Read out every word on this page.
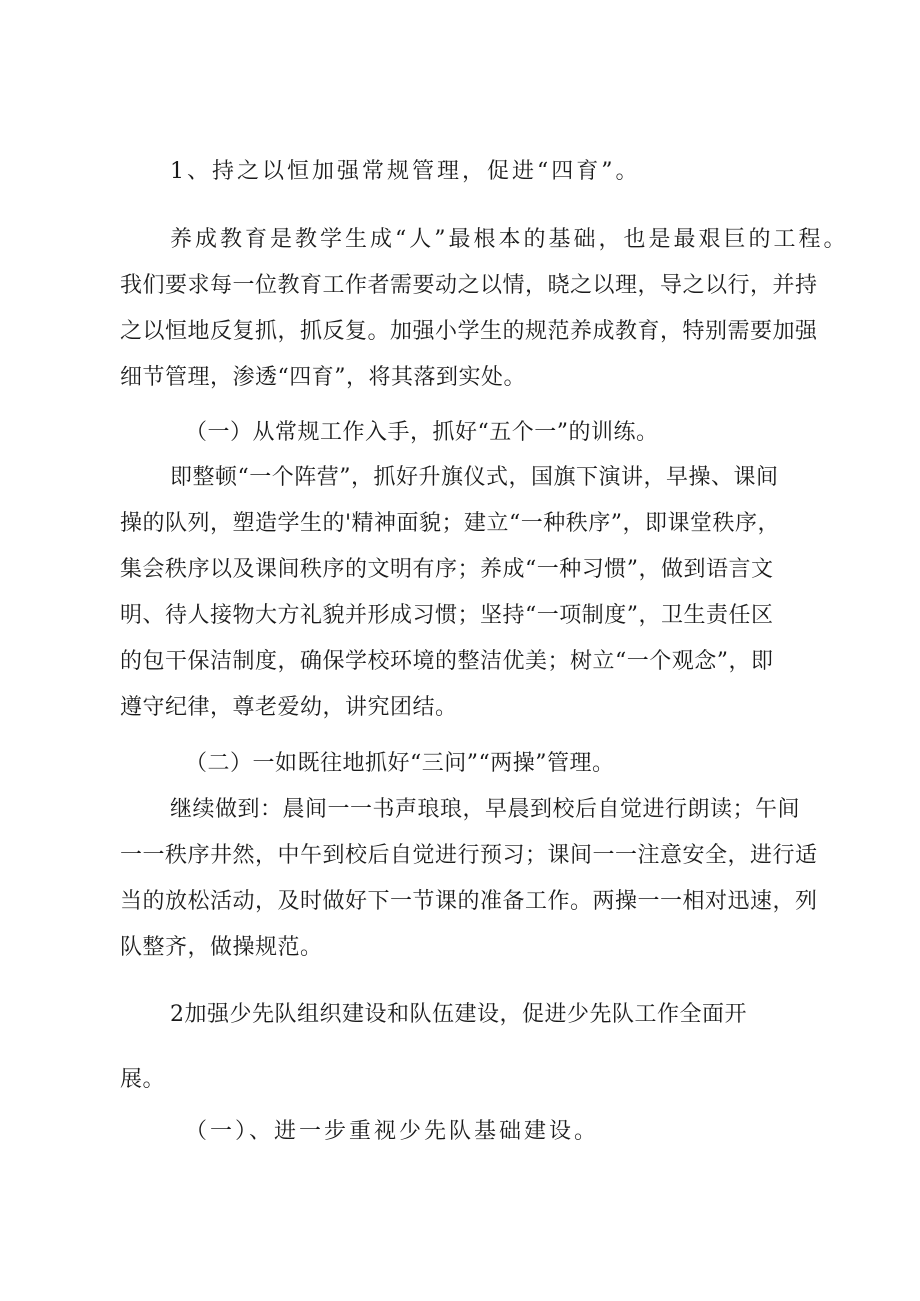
1、持之以恒加强常规管理，促进“四育”。
养成教育是教学生成“人”最根本的基础，也是最艰巨的工程。
我们要求每一位教育工作者需要动之以情，晓之以理，导之以行，并持
之以恒地反复抓，抓反复。加强小学生的规范养成教育，特别需要加强
细节管理，渗透“四育”，将其落到实处。
（一）从常规工作入手，抓好“五个一”的训练。
即整顿“一个阵营”，抓好升旗仪式，国旗下演讲，早操、课间
操的队列，塑造学生的'精神面貌；建立“一种秩序”，即课堂秩序，
集会秩序以及课间秩序的文明有序；养成“一种习惯”，做到语言文
明、待人接物大方礼貌并形成习惯；坚持“一项制度”，卫生责任区
的包干保洁制度，确保学校环境的整洁优美；树立“一个观念”，即
遵守纪律，尊老爱幼，讲究团结。
（二）一如既往地抓好“三问”“两操”管理。
继续做到：晨间一一书声琅琅，早晨到校后自觉进行朗读；午间
一一秩序井然，中午到校后自觉进行预习；课间一一注意安全，进行适
当的放松活动，及时做好下一节课的准备工作。两操一一相对迅速，列
队整齐，做操规范。
2加强少先队组织建设和队伍建设，促进少先队工作全面开
展。
（一）、进一步重视少先队基础建设。
